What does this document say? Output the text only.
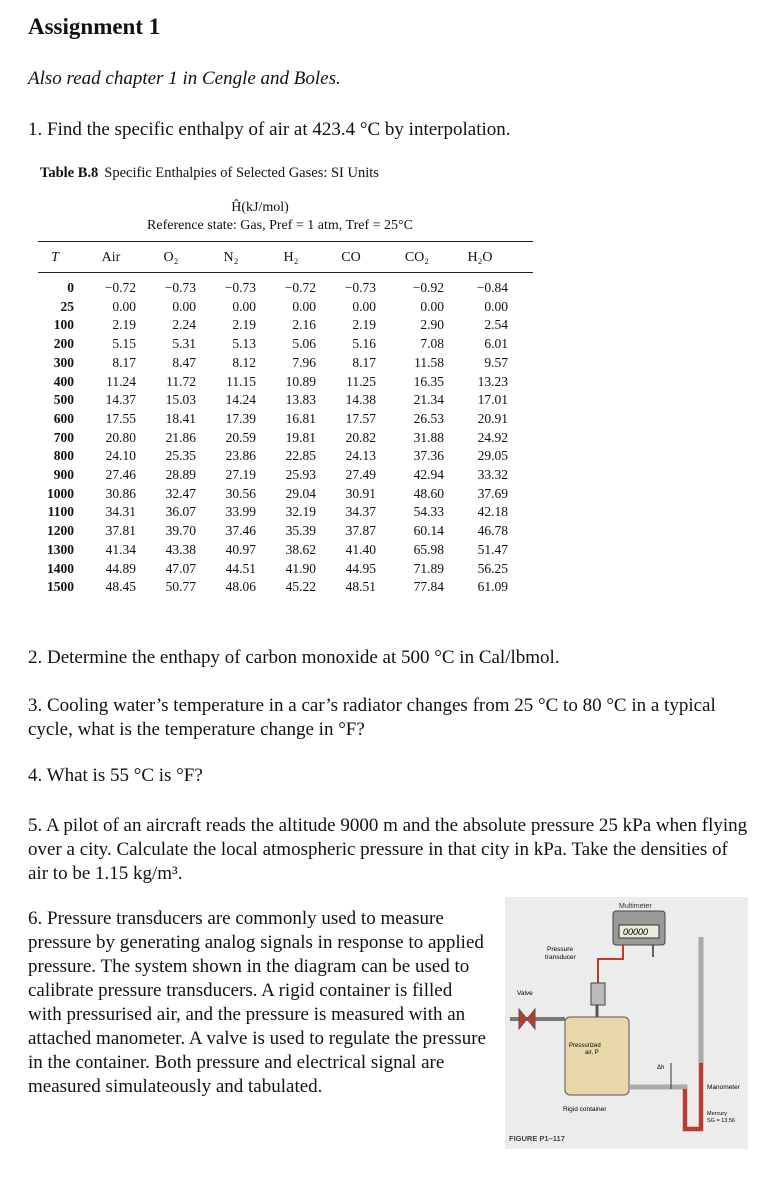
Assignment 1
Also read chapter 1 in Cengle and Boles.
1. Find the specific enthalpy of air at 423.4 °C by interpolation.
Table B.8 Specific Enthalpies of Selected Gases: SI Units
Ĥ(kJ/mol)
Reference state: Gas, Pref = 1 atm, Tref = 25°C
T	Air	O₂	N₂	H₂	CO	CO₂	H₂O
0	−0.72	−0.73	−0.73	−0.72	−0.73	−0.92	−0.84
25	0.00	0.00	0.00	0.00	0.00	0.00	0.00
100	2.19	2.24	2.19	2.16	2.19	2.90	2.54
200	5.15	5.31	5.13	5.06	5.16	7.08	6.01
300	8.17	8.47	8.12	7.96	8.17	11.58	9.57
400	11.24	11.72	11.15	10.89	11.25	16.35	13.23
500	14.37	15.03	14.24	13.83	14.38	21.34	17.01
600	17.55	18.41	17.39	16.81	17.57	26.53	20.91
700	20.80	21.86	20.59	19.81	20.82	31.88	24.92
800	24.10	25.35	23.86	22.85	24.13	37.36	29.05
900	27.46	28.89	27.19	25.93	27.49	42.94	33.32
1000	30.86	32.47	30.56	29.04	30.91	48.60	37.69
1100	34.31	36.07	33.99	32.19	34.37	54.33	42.18
1200	37.81	39.70	37.46	35.39	37.87	60.14	46.78
1300	41.34	43.38	40.97	38.62	41.40	65.98	51.47
1400	44.89	47.07	44.51	41.90	44.95	71.89	56.25
1500	48.45	50.77	48.06	45.22	48.51	77.84	61.09
2. Determine the enthapy of carbon monoxide at 500 °C in Cal/lbmol.
3. Cooling water’s temperature in a car’s radiator changes from 25 °C to 80 °C in a typical cycle, what is the temperature change in °F?
4. What is 55 °C is °F?
5. A pilot of an aircraft reads the altitude 9000 m and the absolute pressure 25 kPa when flying over a city. Calculate the local atmospheric pressure in that city in kPa. Take the densities of air to be 1.15 kg/m³.
6. Pressure transducers are commonly used to measure pressure by generating analog signals in response to applied pressure. The system shown in the diagram can be used to calibrate pressure transducers. A rigid container is filled with pressurised air, and the pressure is measured with an attached manometer. A valve is used to regulate the pressure in the container. Both pressure and electrical signal are measured simulateously and tabulated.
00000
Multimeter
Pressure transducer
Pressurized air, P
Rigid container
Valve
Δh
Manometer
Mercury SG = 13.56
FIGURE P1–117
